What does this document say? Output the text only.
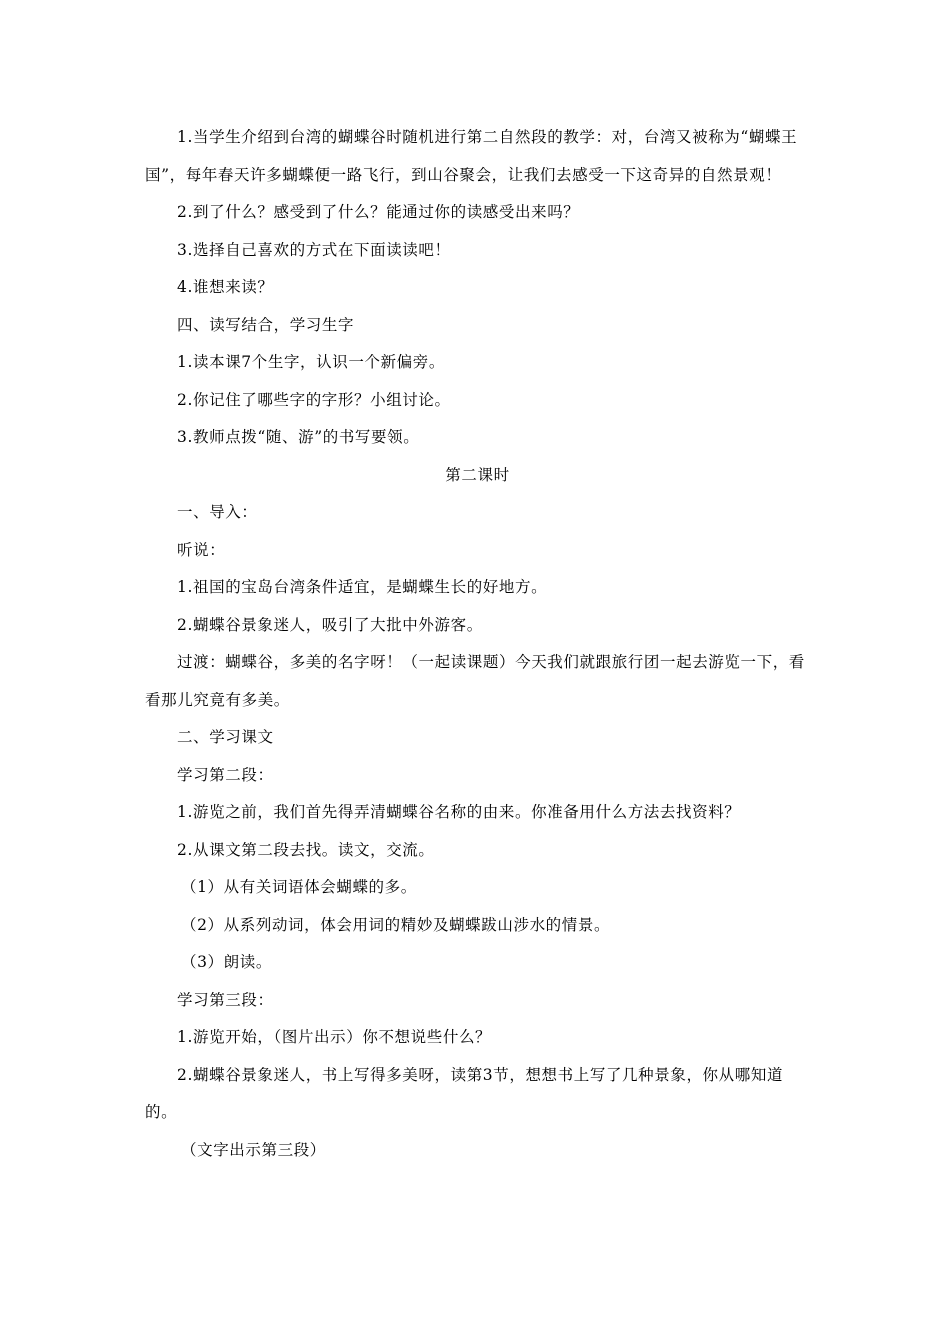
1.当学生介绍到台湾的蝴蝶谷时随机进行第二自然段的教学：对，台湾又被称为“蝴蝶王国”，每年春天许多蝴蝶便一路飞行，到山谷聚会，让我们去感受一下这奇异的自然景观！

2.到了什么？感受到了什么？能通过你的读感受出来吗？

3.选择自己喜欢的方式在下面读读吧！

4.谁想来读？

四、读写结合，学习生字

1.读本课7个生字，认识一个新偏旁。

2.你记住了哪些字的字形？小组讨论。

3.教师点拨“随、游”的书写要领。

第二课时

一、导入：

听说：

1.祖国的宝岛台湾条件适宜，是蝴蝶生长的好地方。

2.蝴蝶谷景象迷人，吸引了大批中外游客。

过渡：蝴蝶谷，多美的名字呀！（一起读课题）今天我们就跟旅行团一起去游览一下，看看那儿究竟有多美。

二、学习课文

学习第二段：

1.游览之前，我们首先得弄清蝴蝶谷名称的由来。你准备用什么方法去找资料？

2.从课文第二段去找。读文，交流。

（1）从有关词语体会蝴蝶的多。

（2）从系列动词，体会用词的精妙及蝴蝶跋山涉水的情景。

（3）朗读。

学习第三段：

1.游览开始，（图片出示）你不想说些什么？

2.蝴蝶谷景象迷人，书上写得多美呀，读第3节，想想书上写了几种景象，你从哪知道的。

（文字出示第三段）
